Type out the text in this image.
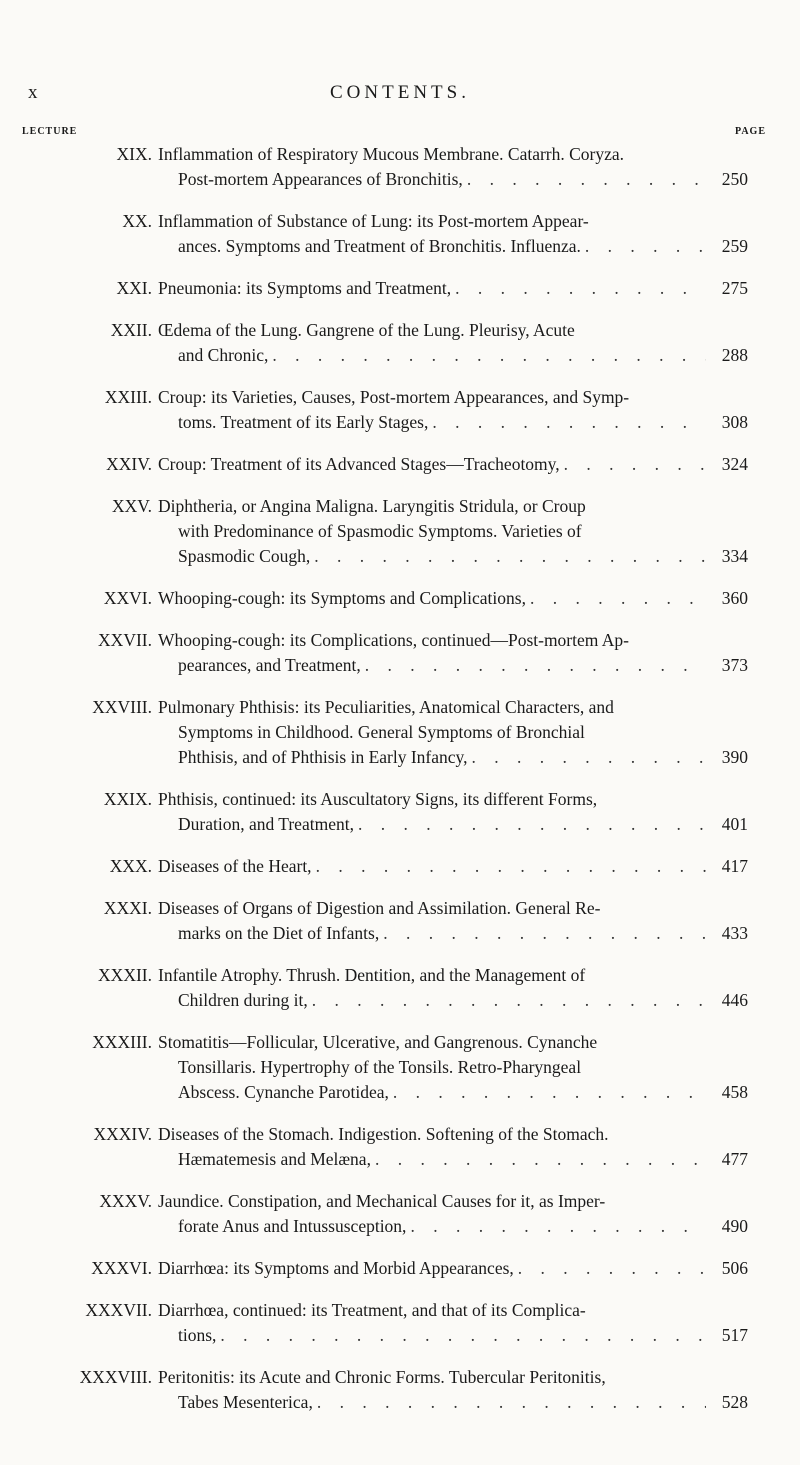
x	CONTENTS.
LECTURE	PAGE
XIX. Inflammation of Respiratory Mucous Membrane. Catarrh. Coryza.
Post-mortem Appearances of Bronchitis, . . .	250
XX. Inflammation of Substance of Lung: its Post-mortem Appear-
ances. Symptoms and Treatment of Bronchitis. Influenza. . . .	259
XXI. Pneumonia: its Symptoms and Treatment, . . .	275
XXII. Œdema of the Lung. Gangrene of the Lung. Pleurisy, Acute
and Chronic, . . .	288
XXIII. Croup: its Varieties, Causes, Post-mortem Appearances, and Symp-
toms. Treatment of its Early Stages, . . .	308
XXIV. Croup: Treatment of its Advanced Stages—Tracheotomy, . . .	324
XXV. Diphtheria, or Angina Maligna. Laryngitis Stridula, or Croup
with Predominance of Spasmodic Symptoms. Varieties of
Spasmodic Cough, . . .	334
XXVI. Whooping-cough: its Symptoms and Complications, . . .	360
XXVII. Whooping-cough: its Complications, continued—Post-mortem Ap-
pearances, and Treatment, . . .	373
XXVIII. Pulmonary Phthisis: its Peculiarities, Anatomical Characters, and
Symptoms in Childhood. General Symptoms of Bronchial
Phthisis, and of Phthisis in Early Infancy, . . .	390
XXIX. Phthisis, continued: its Auscultatory Signs, its different Forms,
Duration, and Treatment, . . .	401
XXX. Diseases of the Heart, . . .	417
XXXI. Diseases of Organs of Digestion and Assimilation. General Re-
marks on the Diet of Infants, . . .	433
XXXII. Infantile Atrophy. Thrush. Dentition, and the Management of
Children during it, . . .	446
XXXIII. Stomatitis—Follicular, Ulcerative, and Gangrenous. Cynanche
Tonsillaris. Hypertrophy of the Tonsils. Retro-Pharyngeal
Abscess. Cynanche Parotidea, . . .	458
XXXIV. Diseases of the Stomach. Indigestion. Softening of the Stomach.
Hæmatemesis and Melæna, . . .	477
XXXV. Jaundice. Constipation, and Mechanical Causes for it, as Imper-
forate Anus and Intussusception, . . .	490
XXXVI. Diarrhœa: its Symptoms and Morbid Appearances, . . .	506
XXXVII. Diarrhœa, continued: its Treatment, and that of its Complica-
tions, . . .	517
XXXVIII. Peritonitis: its Acute and Chronic Forms. Tubercular Peritonitis,
Tabes Mesenterica, . . .	528
